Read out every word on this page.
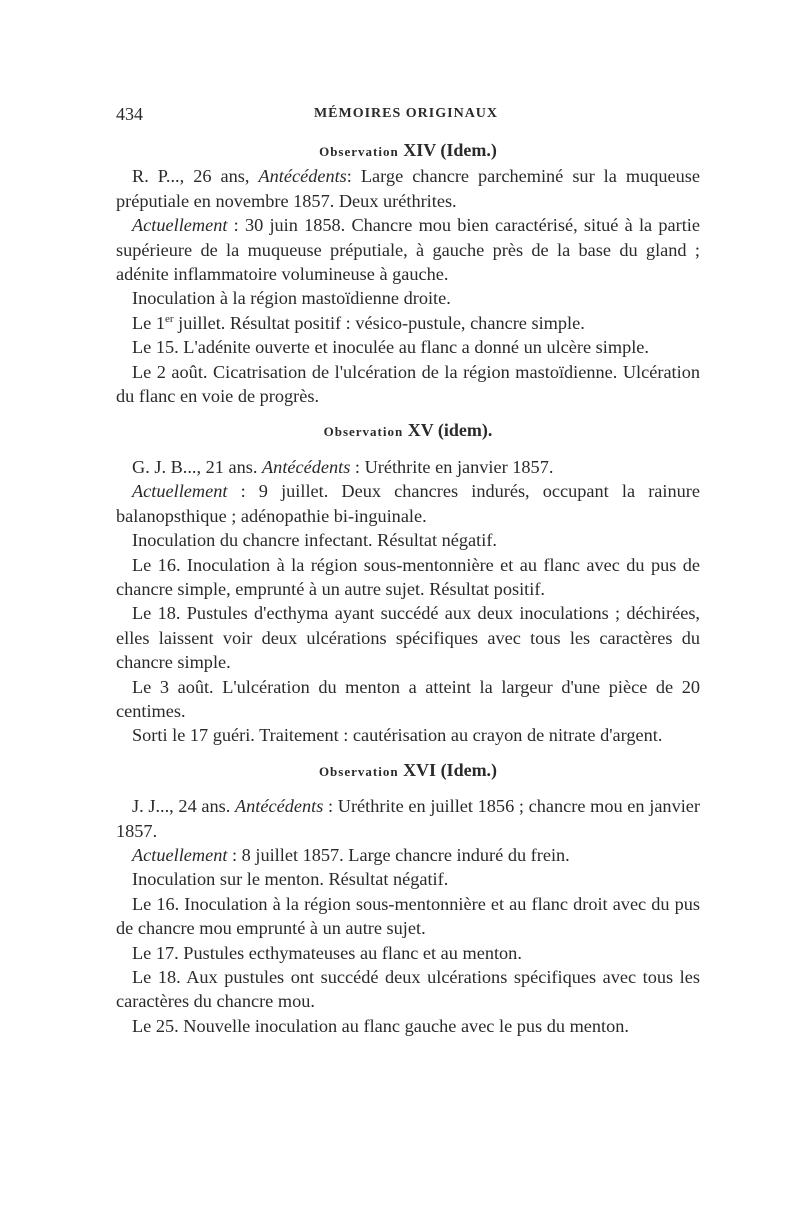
434	MÉMOIRES ORIGINAUX
Observation XIV (Idem.)

R. P..., 26 ans, Antécédents: Large chancre parcheminé sur la muqueuse préputiale en novembre 1857. Deux uréthrites.

Actuellement : 30 juin 1858. Chancre mou bien caractérisé, situé à la partie supérieure de la muqueuse préputiale, à gauche près de la base du gland ; adénite inflammatoire volumineuse à gauche.

Inoculation à la région mastoïdienne droite.

Le 1er juillet. Résultat positif : vésico-pustule, chancre simple.

Le 15. L'adénite ouverte et inoculée au flanc a donné un ulcère simple.

Le 2 août. Cicatrisation de l'ulcération de la région mastoïdienne. Ulcération du flanc en voie de progrès.

Observation XV (idem).

G. J. B..., 21 ans. Antécédents : Uréthrite en janvier 1857.

Actuellement : 9 juillet. Deux chancres indurés, occupant la rainure balanopsthique ; adénopathie bi-inguinale.

Inoculation du chancre infectant. Résultat négatif.

Le 16. Inoculation à la région sous-mentonnière et au flanc avec du pus de chancre simple, emprunté à un autre sujet. Résultat positif.

Le 18. Pustules d'ecthyma ayant succédé aux deux inoculations ; déchirées, elles laissent voir deux ulcérations spécifiques avec tous les caractères du chancre simple.

Le 3 août. L'ulcération du menton a atteint la largeur d'une pièce de 20 centimes.

Sorti le 17 guéri. Traitement : cautérisation au crayon de nitrate d'argent.

Observation XVI (Idem.)

J. J..., 24 ans. Antécédents : Uréthrite en juillet 1856 ; chancre mou en janvier 1857.

Actuellement : 8 juillet 1857. Large chancre induré du frein.

Inoculation sur le menton. Résultat négatif.

Le 16. Inoculation à la région sous-mentonnière et au flanc droit avec du pus de chancre mou emprunté à un autre sujet.

Le 17. Pustules ecthymateuses au flanc et au menton.

Le 18. Aux pustules ont succédé deux ulcérations spécifiques avec tous les caractères du chancre mou.

Le 25. Nouvelle inoculation au flanc gauche avec le pus du menton.
